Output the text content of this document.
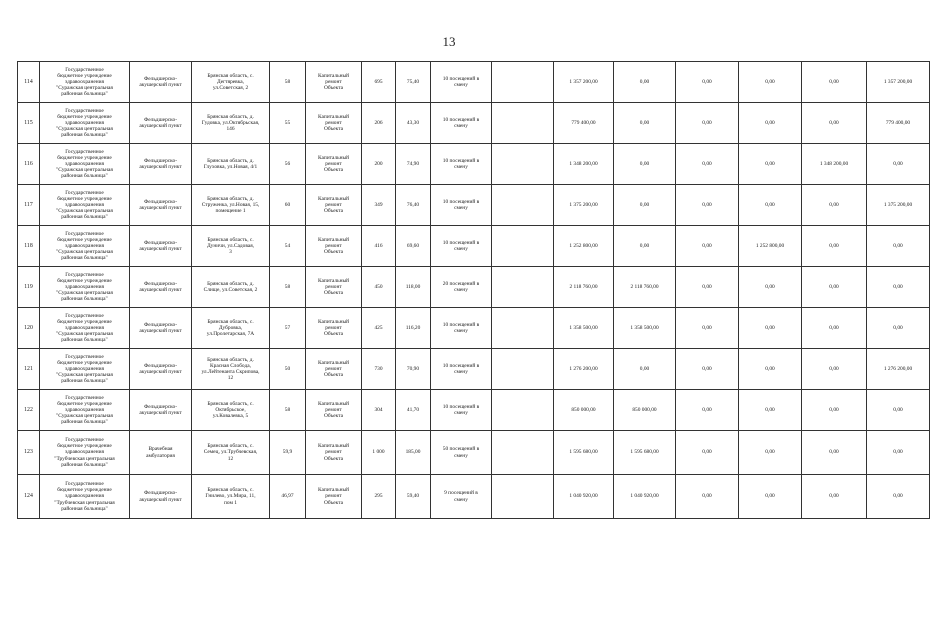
13
114	Государственное
бюджетное учреждение
здравоохранения
"Суражская центральная
районная больница"	Фельдшерско-
акушерский пункт	Брянская область, с.
Дегтяревка,
ул.Советская, 2	58	Капитальный
ремонт
Объекта	695	75,40	10 посещений в
смену		1 357 200,00	0,00	0,00	0,00	0,00	1 357 200,00
115	Государственное
бюджетное учреждение
здравоохранения
"Суражская центральная
районная больница"	Фельдшерско-
акушерский пункт	Брянская область, д.
Гудовка, ул.Октябрьская,
146	55	Капитальный
ремонт
Объекта	206	43,30	10 посещений в
смену		779 400,00	0,00	0,00	0,00	0,00	779 400,00
116	Государственное
бюджетное учреждение
здравоохранения
"Суражская центральная
районная больница"	Фельдшерско-
акушерский пункт	Брянская область, д.
Глуховка, ул.Новая, 4/1	56	Капитальный
ремонт
Объекта	200	74,90	10 посещений в
смену		1 348 200,00	0,00	0,00	0,00	1 348 200,00	0,00
117	Государственное
бюджетное учреждение
здравоохранения
"Суражская центральная
районная больница"	Фельдшерско-
акушерский пункт	Брянская область, д.
Струженка, ул.Новая, 15,
помещение 1	60	Капитальный
ремонт
Объекта	349	76,40	10 посещений в
смену		1 375 200,00	0,00	0,00	0,00	0,00	1 375 200,00
118	Государственное
бюджетное учреждение
здравоохранения
"Суражская центральная
районная больница"	Фельдшерско-
акушерский пункт	Брянская область, с.
Дуничи, ул.Садовая,
3	54	Капитальный
ремонт
Объекта	416	69,60	10 посещений в
смену		1 252 800,00	0,00	0,00	1 252 800,00	0,00	0,00
119	Государственное
бюджетное учреждение
здравоохранения
"Суражская центральная
районная больница"	Фельдшерско-
акушерский пункт	Брянская область, д.
Слище, ул.Советская, 2	58	Капитальный
ремонт
Объекта	450	118,00	20 посещений в
смену		2 118 760,00	2 118 760,00	0,00	0,00	0,00	0,00
120	Государственное
бюджетное учреждение
здравоохранения
"Суражская центральная
районная больница"	Фельдшерско-
акушерский пункт	Брянская область, с.
Дубровка,
ул.Пролетарская, 7А	57	Капитальный
ремонт
Объекта	425	116,20	10 посещений в
смену		1 358 500,00	1 358 500,00	0,00	0,00	0,00	0,00
121	Государственное
бюджетное учреждение
здравоохранения
"Суражская центральная
районная больница"	Фельдшерско-
акушерский пункт	Брянская область, д.
Красная Слобода,
ул.Лейтенанта Скрипова,
12	50	Капитальный
ремонт
Объекта	730	70,90	10 посещений в
смену		1 276 200,00	0,00	0,00	0,00	0,00	1 276 200,00
122	Государственное
бюджетное учреждение
здравоохранения
"Суражская центральная
районная больница"	Фельдшерско-
акушерский пункт	Брянская область, с.
Октябрьское,
ул.Ковалевка, 5	58	Капитальный
ремонт
Объекта	304	41,70	10 посещений в
смену		850 000,00	850 000,00	0,00	0,00	0,00	0,00
123	Государственное
бюджетное учреждение
здравоохранения
"Трубчевская центральная
районная больница"	Врачебная
амбулатория	Брянская область, с.
Семец, ул.Трубчевская,
12	59,9	Капитальный
ремонт
Объекта	1 000	185,00	50 посещений в
смену		1 595 680,00	1 595 680,00	0,00	0,00	0,00	0,00
124	Государственное
бюджетное учреждение
здравоохранения
"Трубчевская центральная
районная больница"	Фельдшерско-
акушерский пункт	Брянская область, с.
Гнилево, ул.Мира, 11,
пом 1	46,97	Капитальный
ремонт
Объекта	295	59,40	9 посещений в
смену		1 040 920,00	1 040 920,00	0,00	0,00	0,00	0,00
